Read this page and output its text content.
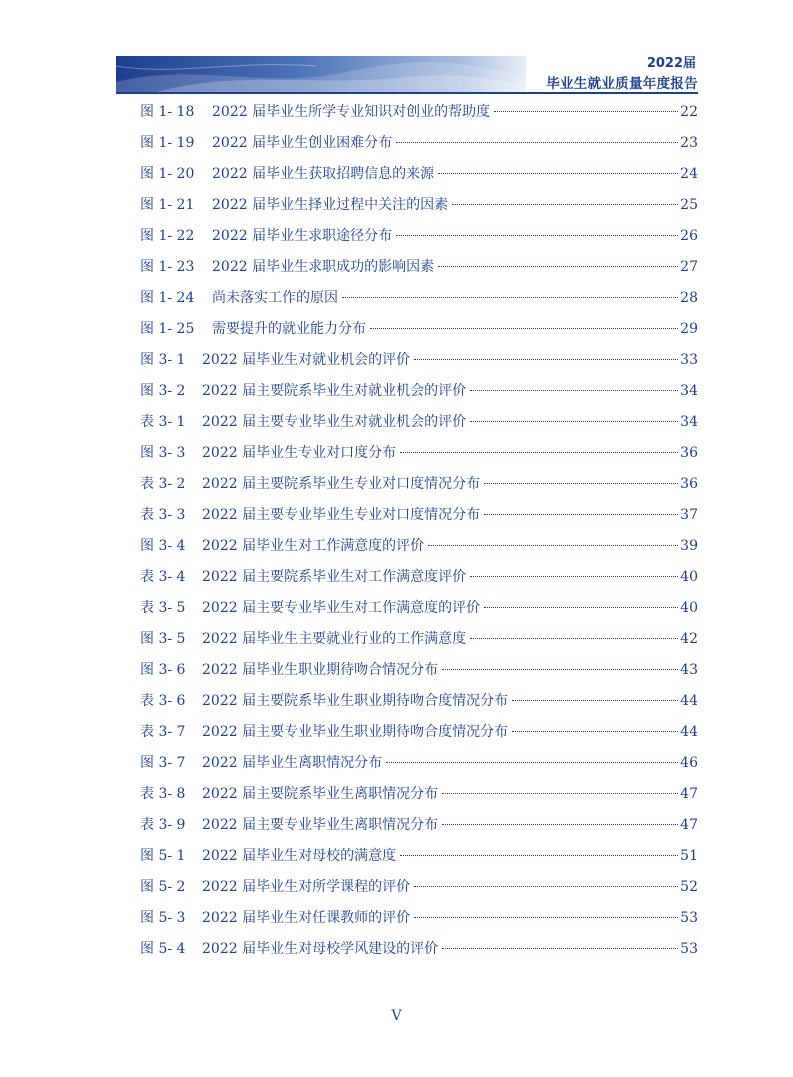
2022届
毕业生就业质量年度报告
图 1- 18	2022 届毕业生所学专业知识对创业的帮助度	22
图 1- 19	2022 届毕业生创业困难分布	23
图 1- 20	2022 届毕业生获取招聘信息的来源	24
图 1- 21	2022 届毕业生择业过程中关注的因素	25
图 1- 22	2022 届毕业生求职途径分布	26
图 1- 23	2022 届毕业生求职成功的影响因素	27
图 1- 24	尚未落实工作的原因	28
图 1- 25	需要提升的就业能力分布	29
图 3- 1	2022 届毕业生对就业机会的评价	33
图 3- 2	2022 届主要院系毕业生对就业机会的评价	34
表 3- 1	2022 届主要专业毕业生对就业机会的评价	34
图 3- 3	2022 届毕业生专业对口度分布	36
表 3- 2	2022 届主要院系毕业生专业对口度情况分布	36
表 3- 3	2022 届主要专业毕业生专业对口度情况分布	37
图 3- 4	2022 届毕业生对工作满意度的评价	39
表 3- 4	2022 届主要院系毕业生对工作满意度评价	40
表 3- 5	2022 届主要专业毕业生对工作满意度的评价	40
图 3- 5	2022 届毕业生主要就业行业的工作满意度	42
图 3- 6	2022 届毕业生职业期待吻合情况分布	43
表 3- 6	2022 届主要院系毕业生职业期待吻合度情况分布	44
表 3- 7	2022 届主要专业毕业生职业期待吻合度情况分布	44
图 3- 7	2022 届毕业生离职情况分布	46
表 3- 8	2022 届主要院系毕业生离职情况分布	47
表 3- 9	2022 届主要专业毕业生离职情况分布	47
图 5- 1	2022 届毕业生对母校的满意度	51
图 5- 2	2022 届毕业生对所学课程的评价	52
图 5- 3	2022 届毕业生对任课教师的评价	53
图 5- 4	2022 届毕业生对母校学风建设的评价	53
V
